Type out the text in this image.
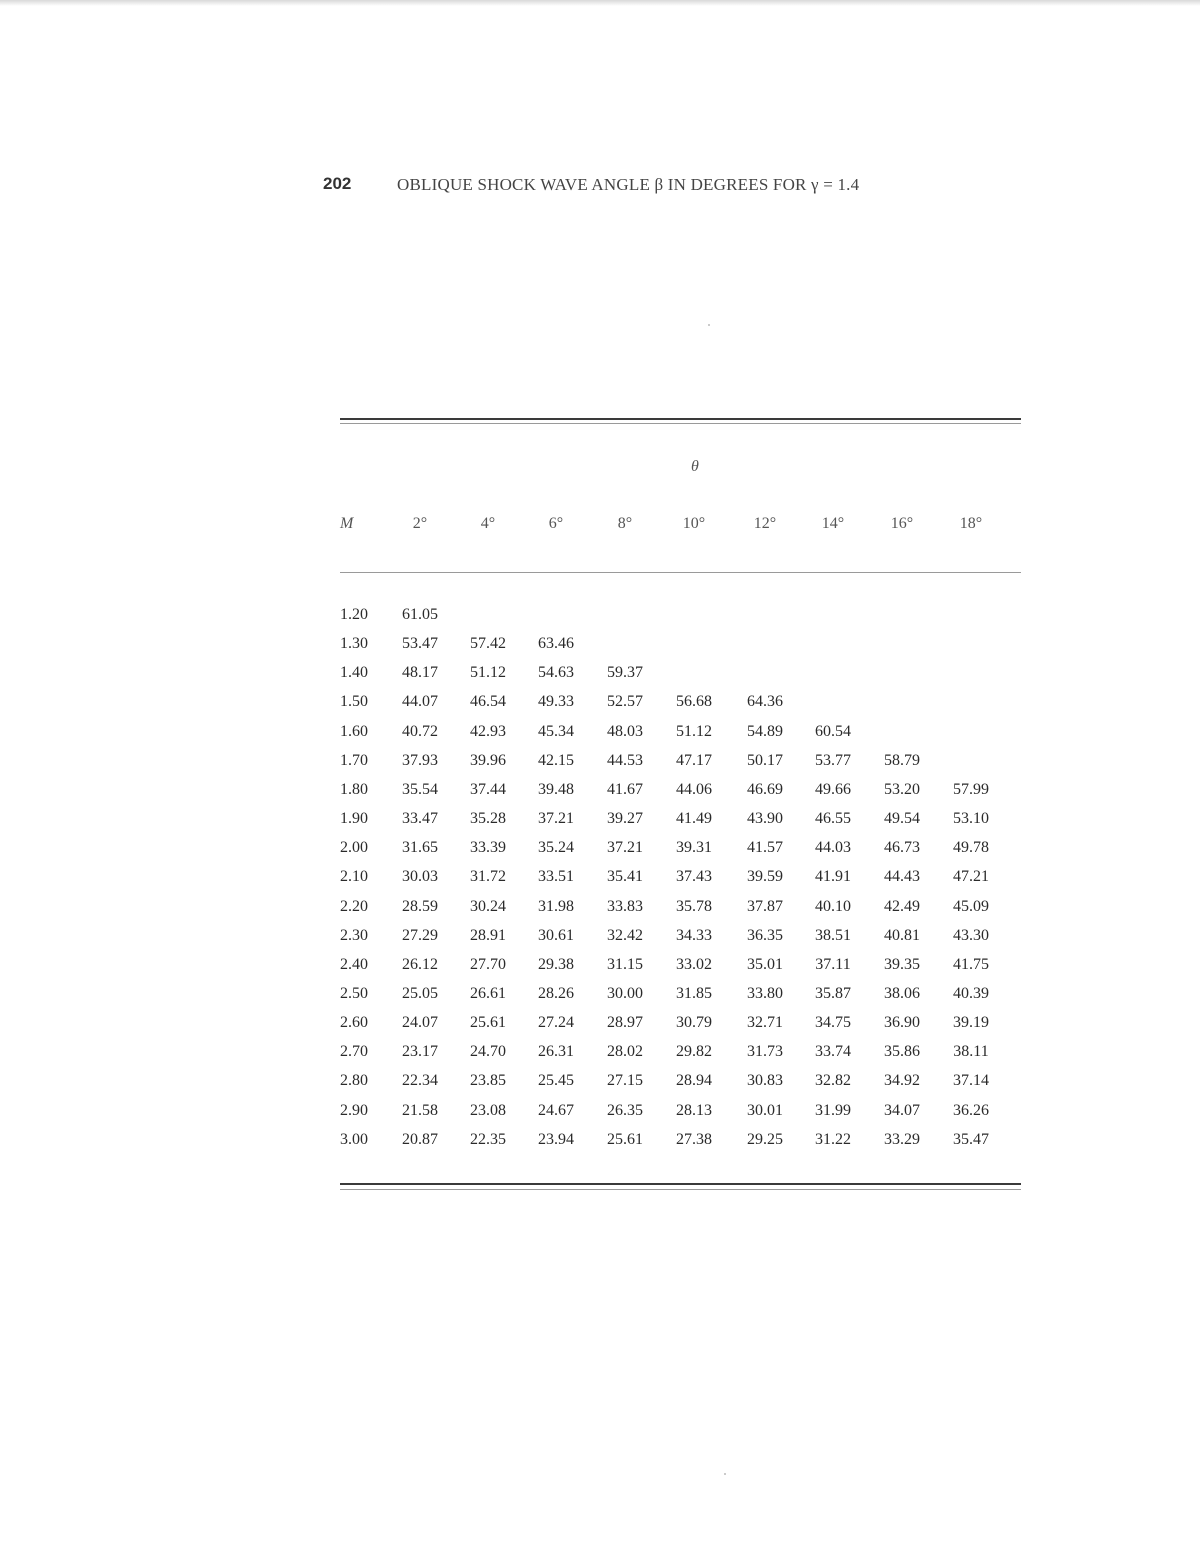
202	OBLIQUE SHOCK WAVE ANGLE β IN DEGREES FOR γ = 1.4
θ
M	2°	4°	6°	8°	10°	12°	14°	16°	18°
1.20 61.05
1.30 53.47 57.42 63.46
1.40 48.17 51.12 54.63 59.37
1.50 44.07 46.54 49.33 52.57 56.68 64.36
1.60 40.72 42.93 45.34 48.03 51.12 54.89 60.54
1.70 37.93 39.96 42.15 44.53 47.17 50.17 53.77 58.79
1.80 35.54 37.44 39.48 41.67 44.06 46.69 49.66 53.20 57.99
1.90 33.47 35.28 37.21 39.27 41.49 43.90 46.55 49.54 53.10
2.00 31.65 33.39 35.24 37.21 39.31 41.57 44.03 46.73 49.78
2.10 30.03 31.72 33.51 35.41 37.43 39.59 41.91 44.43 47.21
2.20 28.59 30.24 31.98 33.83 35.78 37.87 40.10 42.49 45.09
2.30 27.29 28.91 30.61 32.42 34.33 36.35 38.51 40.81 43.30
2.40 26.12 27.70 29.38 31.15 33.02 35.01 37.11 39.35 41.75
2.50 25.05 26.61 28.26 30.00 31.85 33.80 35.87 38.06 40.39
2.60 24.07 25.61 27.24 28.97 30.79 32.71 34.75 36.90 39.19
2.70 23.17 24.70 26.31 28.02 29.82 31.73 33.74 35.86 38.11
2.80 22.34 23.85 25.45 27.15 28.94 30.83 32.82 34.92 37.14
2.90 21.58 23.08 24.67 26.35 28.13 30.01 31.99 34.07 36.26
3.00 20.87 22.35 23.94 25.61 27.38 29.25 31.22 33.29 35.47
